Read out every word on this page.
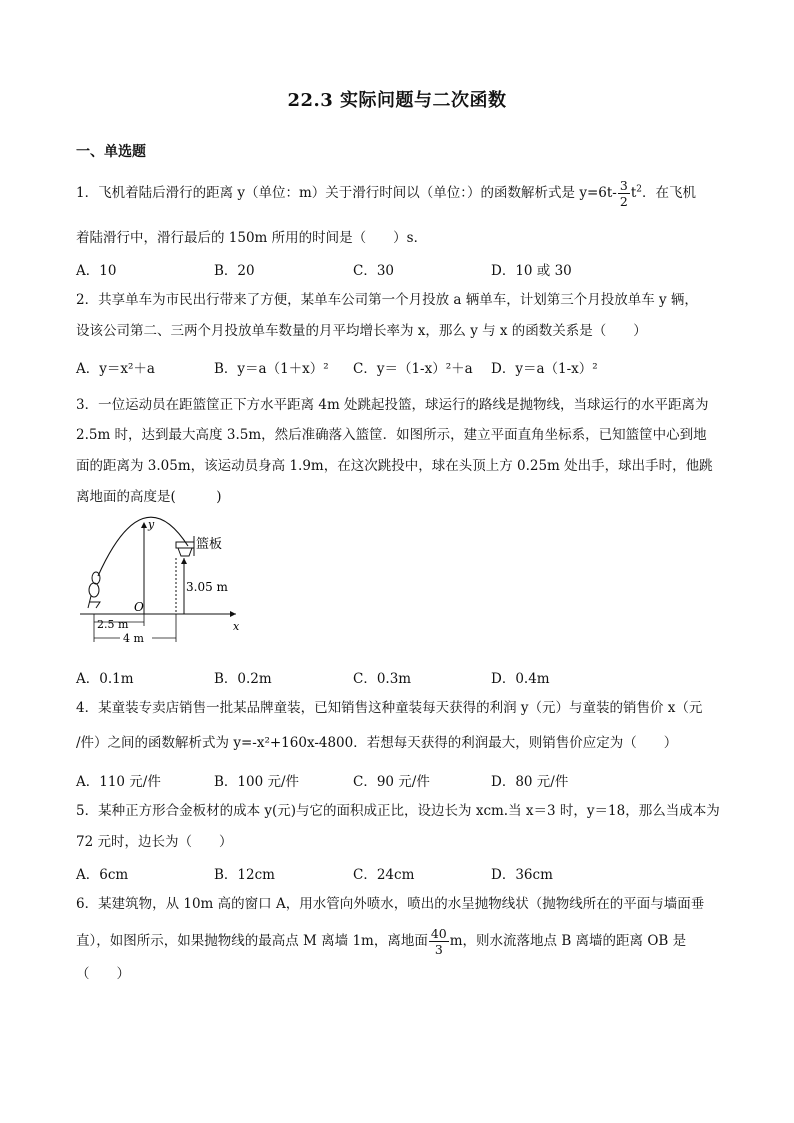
22.3 实际问题与二次函数
一、单选题
1．飞机着陆后滑行的距离 y（单位：m）关于滑行时间以（单位：）的函数解析式是 $y=6t- \frac{3}{2} t^2$．在飞机
着陆滑行中，滑行最后的 150m 所用的时间是（　　）s．
A．10	B．20	C．30	D．10 或 30
2．共享单车为市民出行带来了方便，某单车公司第一个月投放 a 辆单车，计划第三个月投放单车 y 辆，
设该公司第二、三两个月投放单车数量的月平均增长率为 x，那么 y 与 x 的函数关系是（　　）
A．y＝x²＋a	B．y＝a（1＋x）² C．y＝（1-x）²＋a D．y＝a（1-x）²
3．一位运动员在距篮筐正下方水平距离 4m 处跳起投篮，球运行的路线是抛物线，当球运行的水平距离为
2.5m 时，达到最大高度 3.5m，然后准确落入篮筐．如图所示，建立平面直角坐标系，已知篮筐中心到地
面的距离为 3.05m，该运动员身高 1.9m，在这次跳投中，球在头顶上方 0.25m 处出手，球出手时，他跳
离地面的高度是(　　　)
x
y
O
篮板
3.05 m
2.5 m
4 m
A．0.1m	B．0.2m	C．0.3m	D．0.4m
4．某童装专卖店销售一批某品牌童装，已知销售这种童装每天获得的利润 y（元）与童装的销售价 x（元
/件）之间的函数解析式为 y=-x²+160x-4800．若想每天获得的利润最大，则销售价应定为（　　）
A．110 元/件	B．100 元/件	C．90 元/件	D．80 元/件
5．某种正方形合金板材的成本 y(元)与它的面积成正比，设边长为 xcm.当 x＝3 时，y＝18，那么当成本为
72 元时，边长为（　　）
A．6cm	B．12cm	C．24cm	D．36cm
6．某建筑物，从 10m 高的窗口 A，用水管向外喷水，喷出的水呈抛物线状（抛物线所在的平面与墙面垂
直），如图所示，如果抛物线的最高点 M 离墙 1m，离地面 $\frac{40}{3}$ m，则水流落地点 B 离墙的距离 OB 是
（　　）
